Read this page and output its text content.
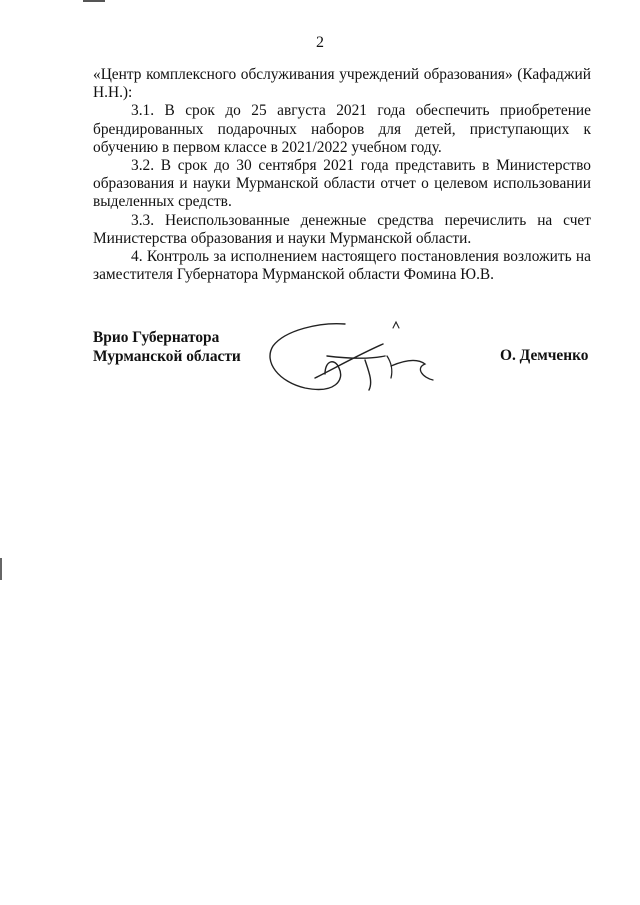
2

«Центр комплексного обслуживания учреждений образования» (Кафаджий Н.Н.):

3.1. В срок до 25 августа 2021 года обеспечить приобретение брендированных подарочных наборов для детей, приступающих к обучению в первом классе в 2021/2022 учебном году.

3.2. В срок до 30 сентября 2021 года представить в Министерство образования и науки Мурманской области отчет о целевом использовании выделенных средств.

3.3. Неиспользованные денежные средства перечислить на счет Министерства образования и науки Мурманской области.

4. Контроль за исполнением настоящего постановления возложить на заместителя Губернатора Мурманской области Фомина Ю.В.

Врио Губернатора
Мурманской области	О. Демченко
